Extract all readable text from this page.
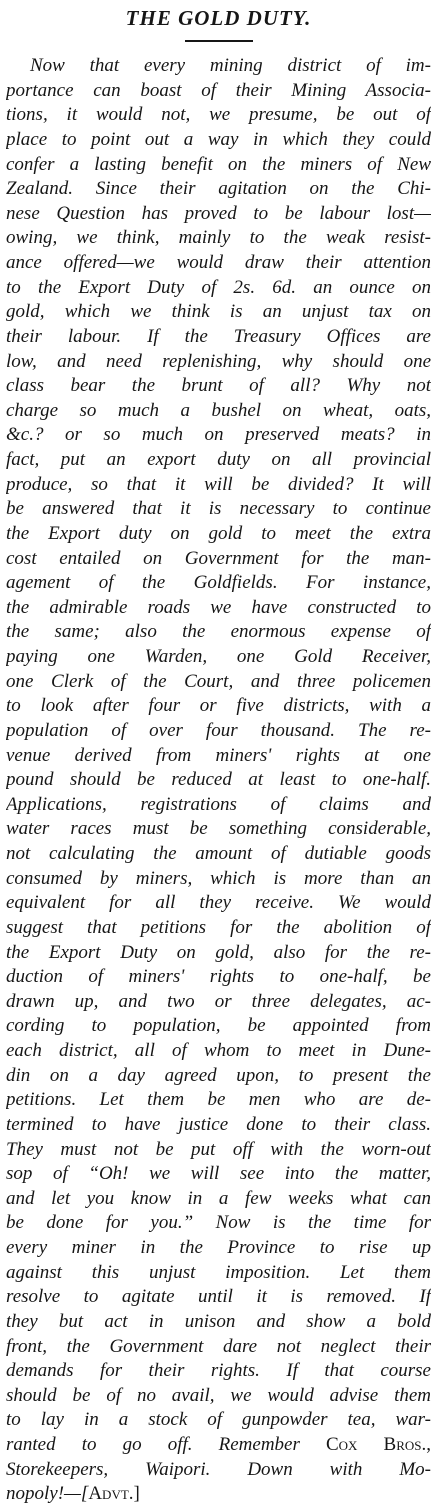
THE GOLD DUTY.
Now that every mining district of im-
portance can boast of their Mining Associa-
tions, it would not, we presume, be out of
place to point out a way in which they could
confer a lasting benefit on the miners of New
Zealand. Since their agitation on the Chi-
nese Question has proved to be labour lost—
owing, we think, mainly to the weak resist-
ance offered—we would draw their attention
to the Export Duty of 2s. 6d. an ounce on
gold, which we think is an unjust tax on
their labour. If the Treasury Offices are
low, and need replenishing, why should one
class bear the brunt of all? Why not
charge so much a bushel on wheat, oats,
&c.? or so much on preserved meats? in
fact, put an export duty on all provincial
produce, so that it will be divided? It will
be answered that it is necessary to continue
the Export duty on gold to meet the extra
cost entailed on Government for the man-
agement of the Goldfields. For instance,
the admirable roads we have constructed to
the same; also the enormous expense of
paying one Warden, one Gold Receiver,
one Clerk of the Court, and three policemen
to look after four or five districts, with a
population of over four thousand. The re-
venue derived from miners' rights at one
pound should be reduced at least to one-half.
Applications, registrations of claims and
water races must be something considerable,
not calculating the amount of dutiable goods
consumed by miners, which is more than an
equivalent for all they receive. We would
suggest that petitions for the abolition of
the Export Duty on gold, also for the re-
duction of miners' rights to one-half, be
drawn up, and two or three delegates, ac-
cording to population, be appointed from
each district, all of whom to meet in Dune-
din on a day agreed upon, to present the
petitions. Let them be men who are de-
termined to have justice done to their class.
They must not be put off with the worn-out
sop of “Oh! we will see into the matter,
and let you know in a few weeks what can
be done for you.” Now is the time for
every miner in the Province to rise up
against this unjust imposition. Let them
resolve to agitate until it is removed. If
they but act in unison and show a bold
front, the Government dare not neglect their
demands for their rights. If that course
should be of no avail, we would advise them
to lay in a stock of gunpowder tea, war-
ranted to go off. Remember Cox Bros.,
Storekeepers, Waipori. Down with Mo-
nopoly!—[Advt.]
